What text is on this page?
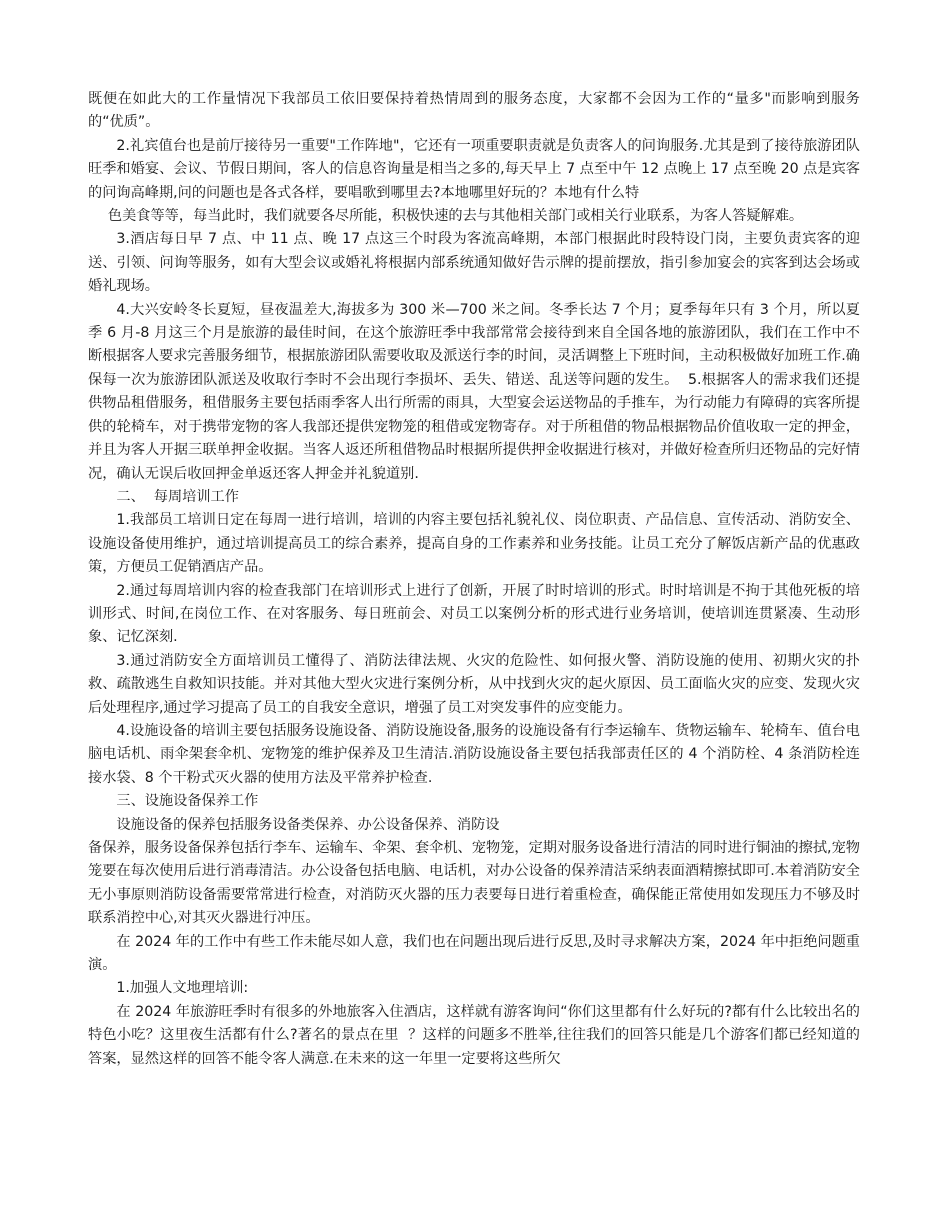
既便在如此大的工作量情况下我部员工依旧要保持着热情周到的服务态度，大家都不会因为工作的“量多"而影响到服务的“优质”。

2.礼宾值台也是前厅接待另一重要"工作阵地"，它还有一项重要职责就是负责客人的问询服务.尤其是到了接待旅游团队旺季和婚宴、会议、节假日期间，客人的信息咨询量是相当之多的,每天早上 7 点至中午 12 点晚上 17 点至晚 20 点是宾客的问询高峰期,问的问题也是各式各样，要唱歌到哪里去?本地哪里好玩的？本地有什么特

色美食等等，每当此时，我们就要各尽所能，积极快速的去与其他相关部门或相关行业联系，为客人答疑解难。

3.酒店每日早 7 点、中 11 点、晚 17 点这三个时段为客流高峰期，本部门根据此时段特设门岗，主要负责宾客的迎送、引领、问询等服务，如有大型会议或婚礼将根据内部系统通知做好告示牌的提前摆放，指引参加宴会的宾客到达会场或婚礼现场。

4.大兴安岭冬长夏短，昼夜温差大,海拔多为 300 米—700 米之间。冬季长达 7 个月；夏季每年只有 3 个月，所以夏季 6 月-8 月这三个月是旅游的最佳时间，在这个旅游旺季中我部常常会接待到来自全国各地的旅游团队，我们在工作中不断根据客人要求完善服务细节，根据旅游团队需要收取及派送行李的时间，灵活调整上下班时间，主动积极做好加班工作.确保每一次为旅游团队派送及收取行李时不会出现行李损坏、丢失、错送、乱送等问题的发生。  5.根据客人的需求我们还提供物品租借服务，租借服务主要包括雨季客人出行所需的雨具，大型宴会运送物品的手推车，为行动能力有障碍的宾客所提供的轮椅车，对于携带宠物的客人我部还提供宠物笼的租借或宠物寄存。对于所租借的物品根据物品价值收取一定的押金，并且为客人开据三联单押金收据。当客人返还所租借物品时根据所提供押金收据进行核对，并做好检查所归还物品的完好情况，确认无误后收回押金单返还客人押金并礼貌道别.

二、  每周培训工作

1.我部员工培训日定在每周一进行培训，培训的内容主要包括礼貌礼仪、岗位职责、产品信息、宣传活动、消防安全、设施设备使用维护，通过培训提高员工的综合素养，提高自身的工作素养和业务技能。让员工充分了解饭店新产品的优惠政策，方便员工促销酒店产品。

2.通过每周培训内容的检查我部门在培训形式上进行了创新，开展了时时培训的形式。时时培训是不拘于其他死板的培训形式、时间,在岗位工作、在对客服务、每日班前会、对员工以案例分析的形式进行业务培训，使培训连贯紧凑、生动形象、记忆深刻.

3.通过消防安全方面培训员工懂得了、消防法律法规、火灾的危险性、如何报火警、消防设施的使用、初期火灾的扑救、疏散逃生自救知识技能。并对其他大型火灾进行案例分析，从中找到火灾的起火原因、员工面临火灾的应变、发现火灾后处理程序,通过学习提高了员工的自我安全意识，增强了员工对突发事件的应变能力。

4.设施设备的培训主要包括服务设施设备、消防设施设备,服务的设施设备有行李运输车、货物运输车、轮椅车、值台电脑电话机、雨伞架套伞机、宠物笼的维护保养及卫生清洁.消防设施设备主要包括我部责任区的 4 个消防栓、4 条消防栓连接水袋、8 个干粉式灭火器的使用方法及平常养护检查.

三、设施设备保养工作

设施设备的保养包括服务设备类保养、办公设备保养、消防设

备保养，服务设备保养包括行李车、运输车、伞架、套伞机、宠物笼，定期对服务设备进行清洁的同时进行铜油的擦拭,宠物笼要在每次使用后进行消毒清洁。办公设备包括电脑、电话机，对办公设备的保养清洁采纳表面酒精擦拭即可.本着消防安全无小事原则消防设备需要常常进行检查，对消防灭火器的压力表要每日进行着重检查，确保能正常使用如发现压力不够及时联系消控中心,对其灭火器进行冲压。

在 2024 年的工作中有些工作未能尽如人意，我们也在问题出现后进行反思,及时寻求解决方案，2024 年中拒绝问题重演。

1.加强人文地理培训:

在 2024 年旅游旺季时有很多的外地旅客入住酒店，这样就有游客询问“你们这里都有什么好玩的?都有什么比较出名的特色小吃？这里夜生活都有什么?著名的景点在里  ？这样的问题多不胜举,往往我们的回答只能是几个游客们都已经知道的答案，显然这样的回答不能令客人满意.在未来的这一年里一定要将这些所欠
